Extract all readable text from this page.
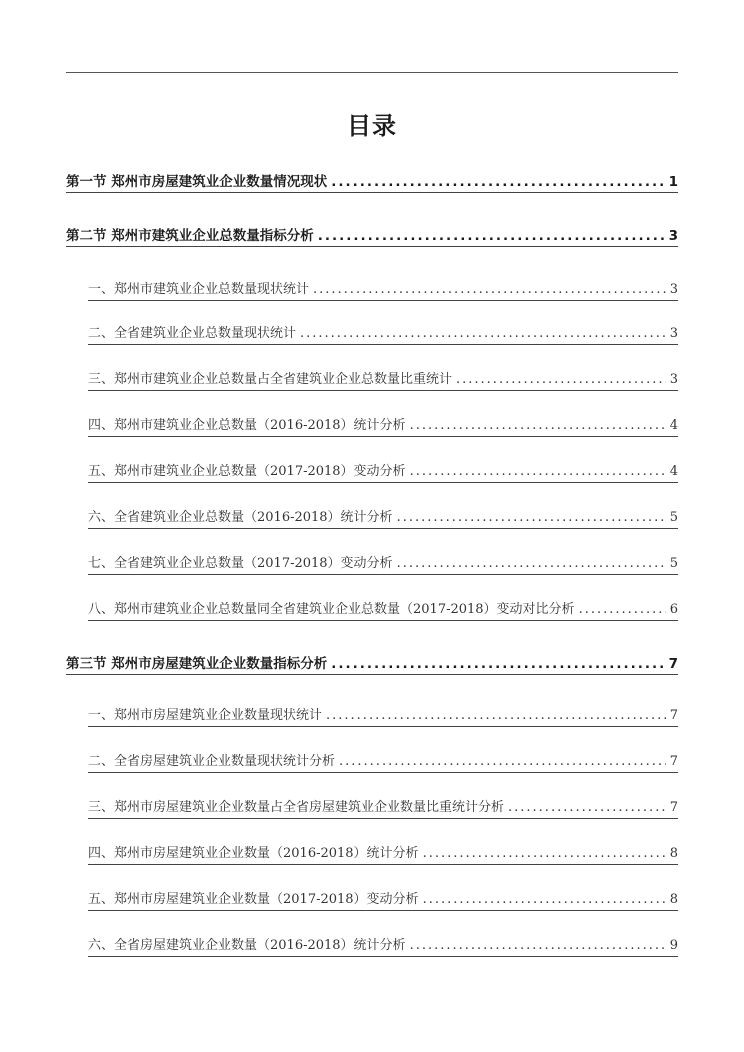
目录
第一节 郑州市房屋建筑业企业数量情况现状 .....	1
第二节 郑州市建筑业企业总数量指标分析 .....	3
一、郑州市建筑业企业总数量现状统计 .....	3
二、全省建筑业企业总数量现状统计 .....	3
三、郑州市建筑业企业总数量占全省建筑业企业总数量比重统计 .....	3
四、郑州市建筑业企业总数量（2016-2018）统计分析 .....	4
五、郑州市建筑业企业总数量（2017-2018）变动分析 .....	4
六、全省建筑业企业总数量（2016-2018）统计分析 .....	5
七、全省建筑业企业总数量（2017-2018）变动分析 .....	5
八、郑州市建筑业企业总数量同全省建筑业企业总数量（2017-2018）变动对比分析 .....	6
第三节 郑州市房屋建筑业企业数量指标分析 .....	7
一、郑州市房屋建筑业企业数量现状统计 .....	7
二、全省房屋建筑业企业数量现状统计分析 .....	7
三、郑州市房屋建筑业企业数量占全省房屋建筑业企业数量比重统计分析 .....	7
四、郑州市房屋建筑业企业数量（2016-2018）统计分析 .....	8
五、郑州市房屋建筑业企业数量（2017-2018）变动分析 .....	8
六、全省房屋建筑业企业数量（2016-2018）统计分析 .....	9
